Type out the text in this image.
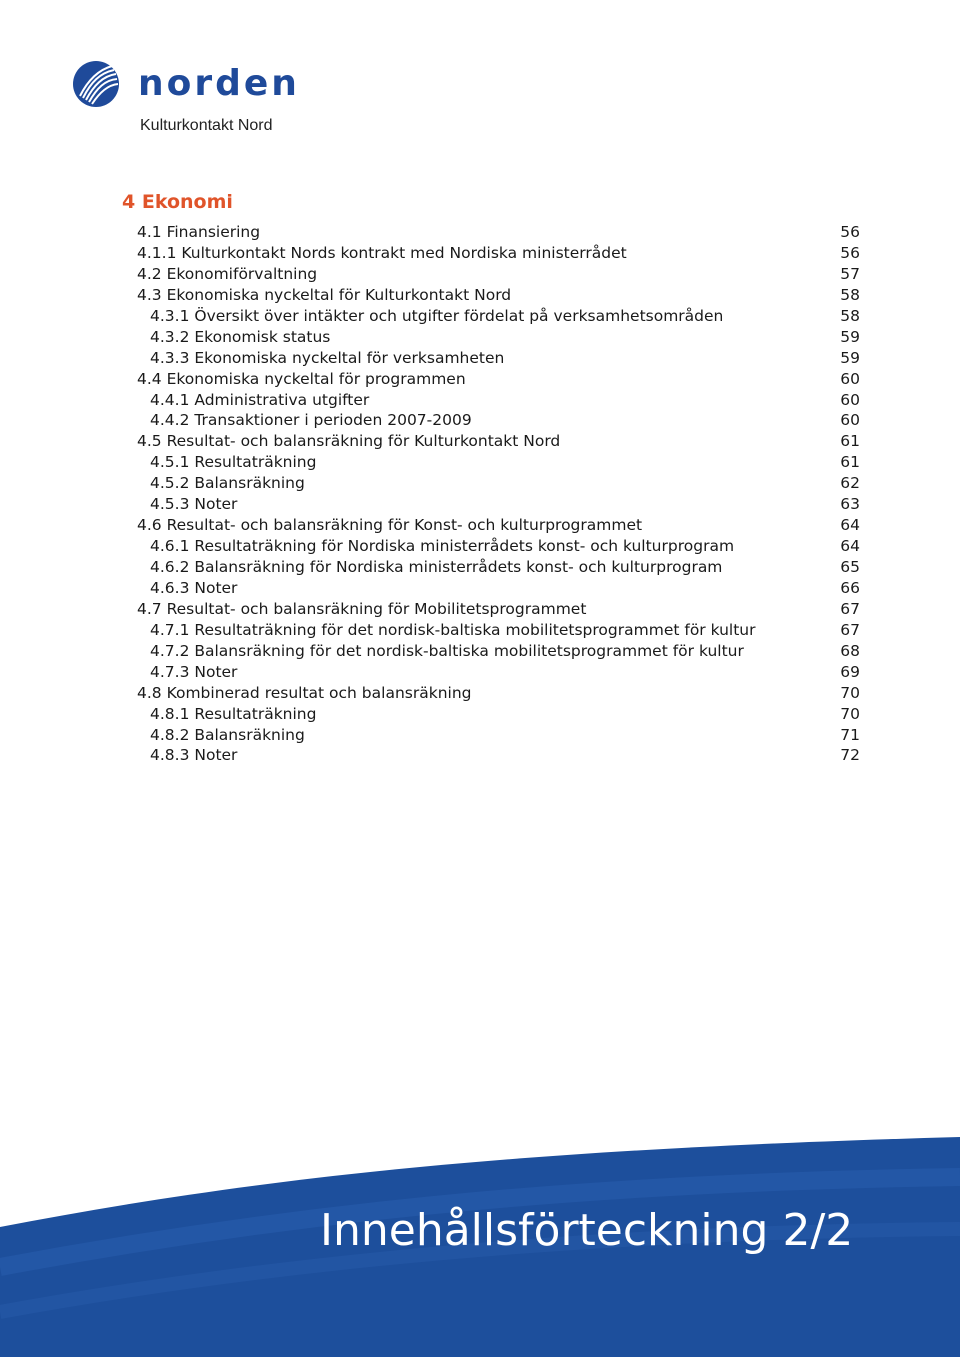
norden
Kulturkontakt Nord
4 Ekonomi
4.1 Finansiering	56
4.1.1 Kulturkontakt Nords kontrakt med Nordiska ministerrådet	56
4.2 Ekonomiförvaltning	57
4.3 Ekonomiska nyckeltal för Kulturkontakt Nord	58
4.3.1 Översikt över intäkter och utgifter fördelat på verksamhetsområden	58
4.3.2 Ekonomisk status	59
4.3.3 Ekonomiska nyckeltal för verksamheten	59
4.4 Ekonomiska nyckeltal för programmen	60
4.4.1 Administrativa utgifter	60
4.4.2 Transaktioner i perioden 2007-2009	60
4.5 Resultat- och balansräkning för Kulturkontakt Nord	61
4.5.1 Resultaträkning	61
4.5.2 Balansräkning	62
4.5.3 Noter	63
4.6 Resultat- och balansräkning för Konst- och kulturprogrammet	64
4.6.1 Resultaträkning för Nordiska ministerrådets konst- och kulturprogram	64
4.6.2 Balansräkning för Nordiska ministerrådets konst- och kulturprogram	65
4.6.3 Noter	66
4.7 Resultat- och balansräkning för Mobilitetsprogrammet	67
4.7.1 Resultaträkning för det nordisk-baltiska mobilitetsprogrammet för kultur	67
4.7.2 Balansräkning för det nordisk-baltiska mobilitetsprogrammet för kultur	68
4.7.3 Noter	69
4.8 Kombinerad resultat och balansräkning	70
4.8.1 Resultaträkning	70
4.8.2 Balansräkning	71
4.8.3 Noter	72
Innehållsförteckning 2/2
